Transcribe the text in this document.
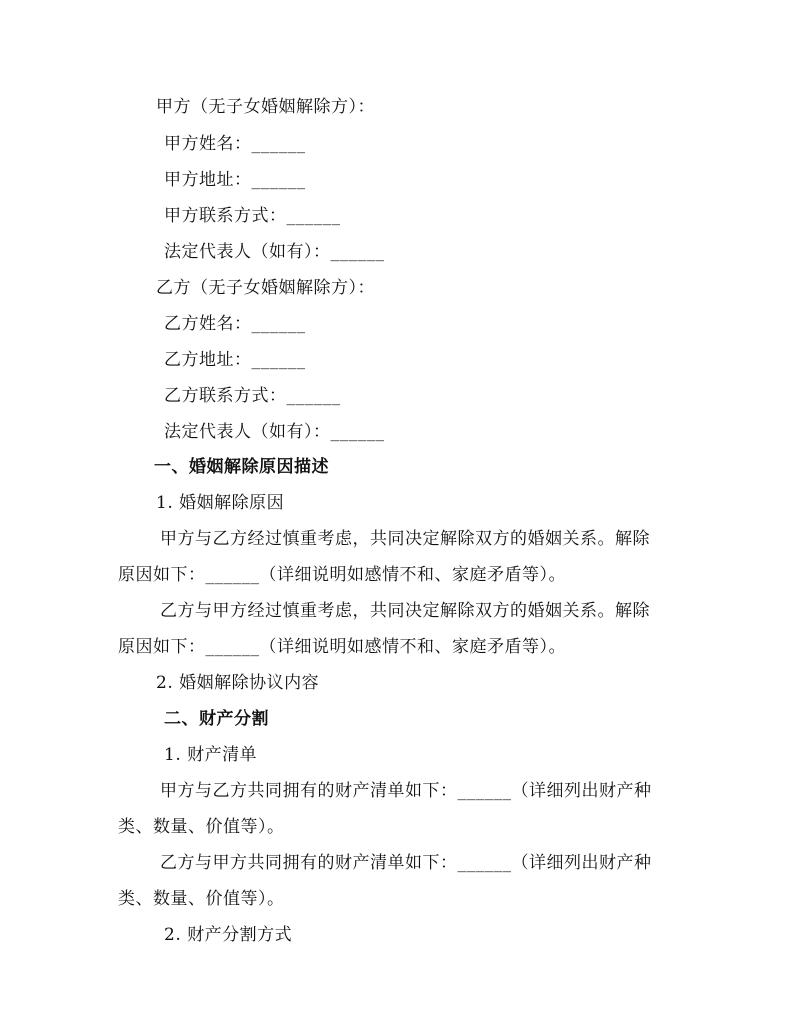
甲方（无子女婚姻解除方）：
甲方姓名：______
甲方地址：______
甲方联系方式：______
法定代表人（如有）：______
乙方（无子女婚姻解除方）：
乙方姓名：______
乙方地址：______
乙方联系方式：______
法定代表人（如有）：______
一、婚姻解除原因描述
1. 婚姻解除原因
甲方与乙方经过慎重考虑，共同决定解除双方的婚姻关系。解除
原因如下：______（详细说明如感情不和、家庭矛盾等）。
乙方与甲方经过慎重考虑，共同决定解除双方的婚姻关系。解除
原因如下：______（详细说明如感情不和、家庭矛盾等）。
2. 婚姻解除协议内容
二、财产分割
1. 财产清单
甲方与乙方共同拥有的财产清单如下：______（详细列出财产种
类、数量、价值等）。
乙方与甲方共同拥有的财产清单如下：______（详细列出财产种
类、数量、价值等）。
2. 财产分割方式
